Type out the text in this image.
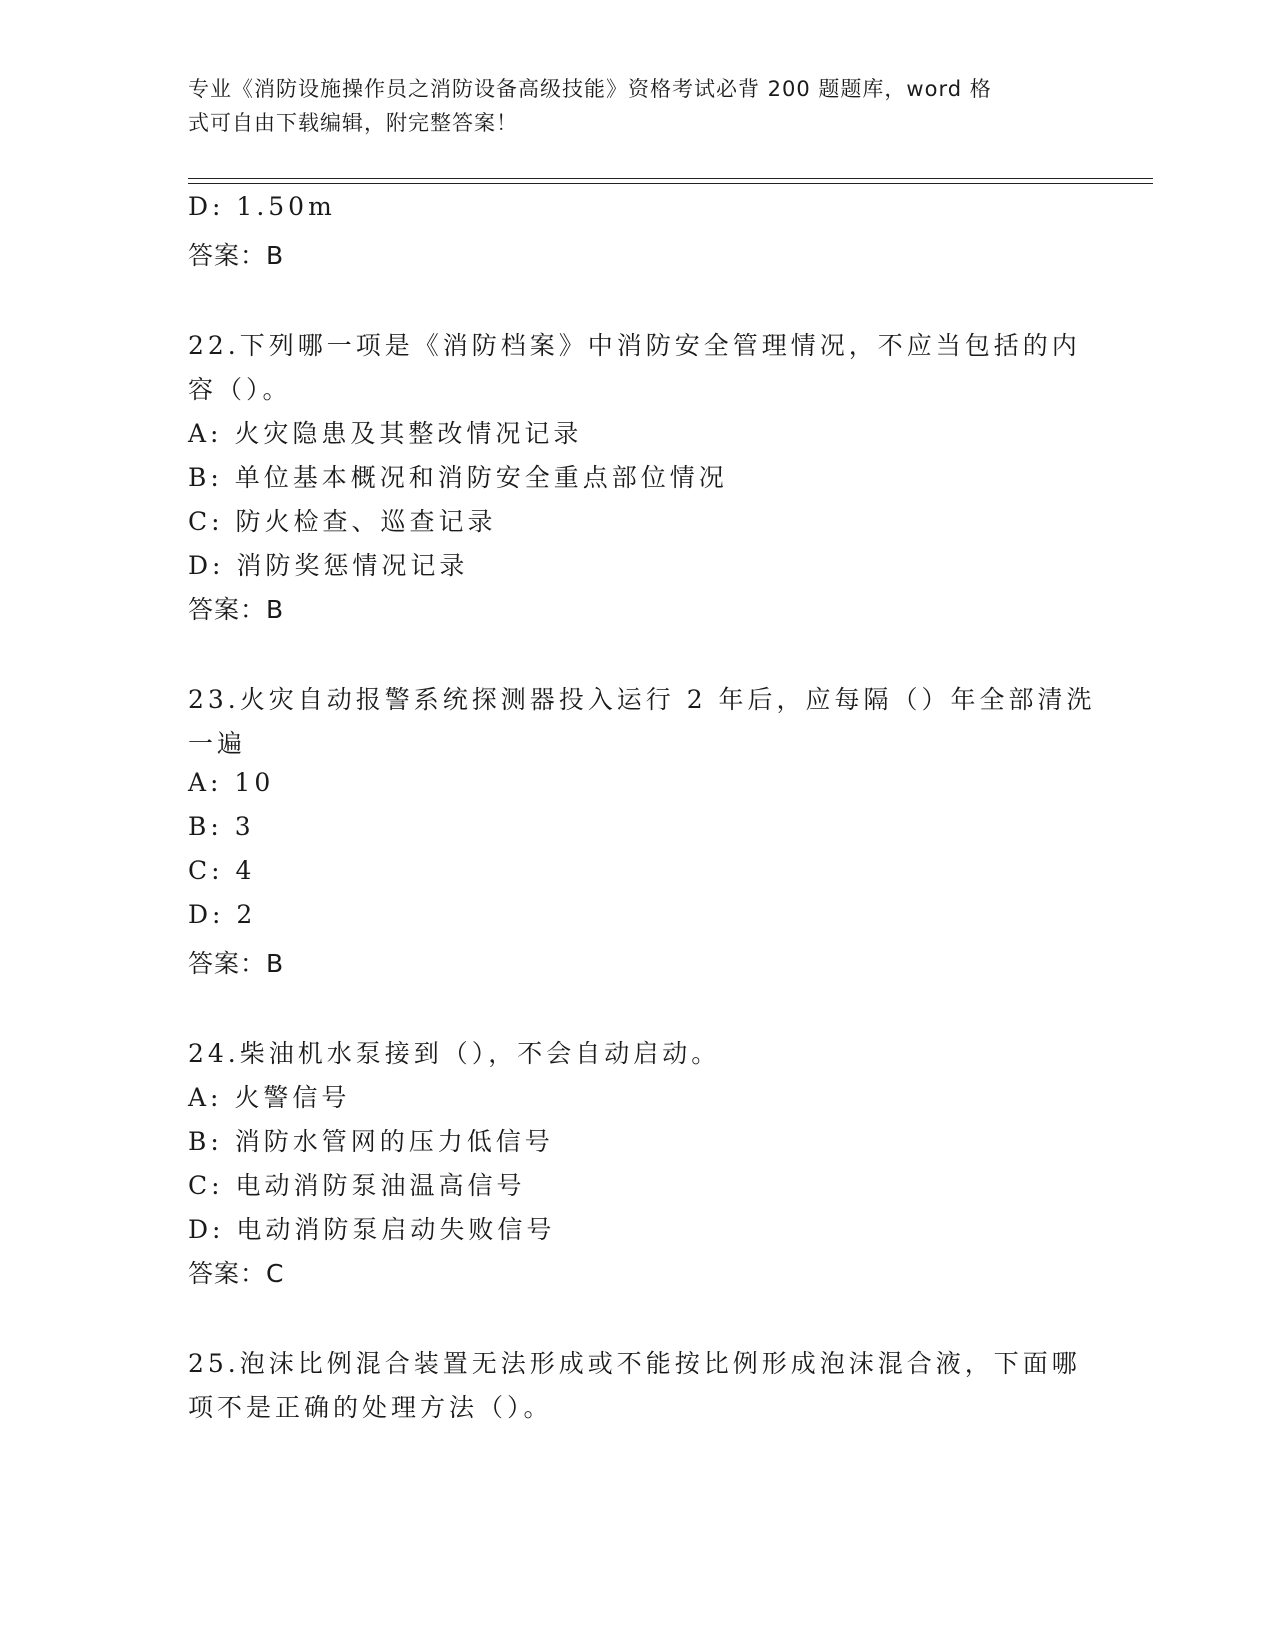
专业《消防设施操作员之消防设备高级技能》资格考试必背 200 题题库，word 格
式可自由下载编辑，附完整答案！
D: 1.50m
答案：B
22.下列哪一项是《消防档案》中消防安全管理情况，不应当包括的内
容（）。
A: 火灾隐患及其整改情况记录
B: 单位基本概况和消防安全重点部位情况
C: 防火检查、巡查记录
D: 消防奖惩情况记录
答案：B
23.火灾自动报警系统探测器投入运行 2 年后，应每隔（）年全部清洗
一遍
A: 10
B: 3
C: 4
D: 2
答案：B
24.柴油机水泵接到（），不会自动启动。
A: 火警信号
B: 消防水管网的压力低信号
C: 电动消防泵油温高信号
D: 电动消防泵启动失败信号
答案：C
25.泡沫比例混合装置无法形成或不能按比例形成泡沫混合液，下面哪
项不是正确的处理方法（）。
